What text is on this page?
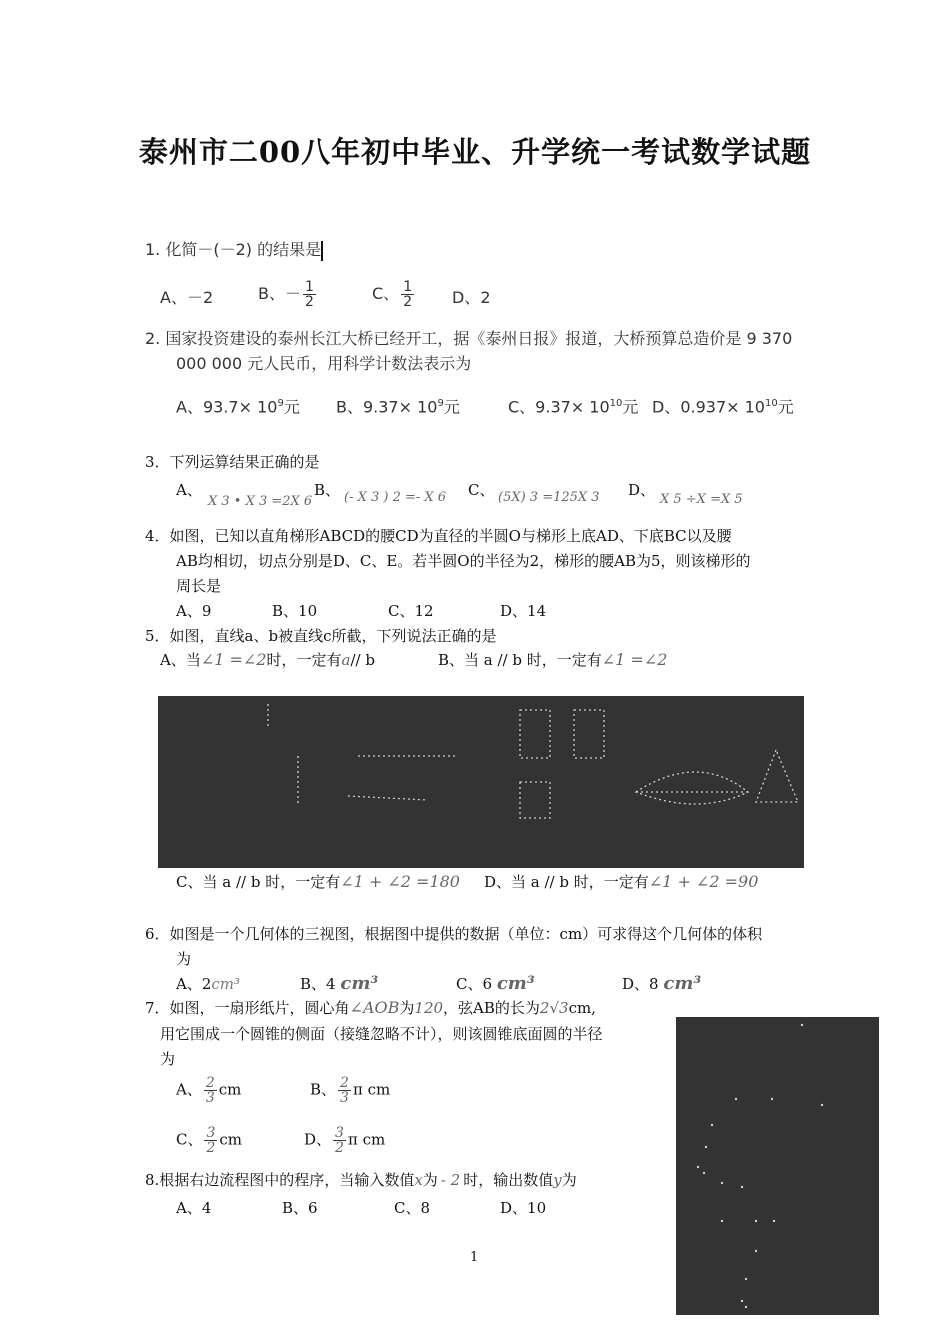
泰州市二00八年初中毕业、升学统一考试数学试题
1. 化简－(－2) 的结果是
A、－2	B、－ $\frac{1}{2}$	C、 $\frac{1}{2}$ D、2
2. 国家投资建设的泰州长江大桥已经开工，据《泰州日报》报道，大桥预算总造价是 9 370
000 000 元人民币，用科学计数法表示为
A、$93.7\times 10^9$元 B、$9.37\times 10^9$元	C、$9.37\times 10^{10}$元 D、$0.937\times 10^{10}$元
3．下列运算结果正确的是
A、
X 3 • X 3 =2X 6
B、 (- X 3 ) 2 =- X 6 C、 (5X) 3 =125X 3 D、
X 5 ÷X =X 5
4．如图，已知以直角梯形ABCD的腰CD为直径的半圆O与梯形上底AD、下底BC以及腰
AB均相切，切点分别是D、C、E。若半圆O的半径为2，梯形的腰AB为5，则该梯形的
周长是
A、9	B、10	C、12	D、14
5．如图，直线a、b被直线c所截，下列说法正确的是
A、当∠1 =∠2时，一定有a// b	B、当 a // b 时，一定有∠1 =∠2
C、当 a // b 时，一定有∠1 + ∠2 =180 D、当 a // b 时，一定有∠1 + ∠2 =90
6．如图是一个几何体的三视图，根据图中提供的数据（单位：cm）可求得这个几何体的体积
为
A、2cm³	B、4 cm³	C、6 cm³	D、8 cm³
7．如图，一扇形纸片，圆心角∠AOB为120，弦AB的长为2√3cm,
用它围成一个圆锥的侧面（接缝忽略不计），则该圆锥底面圆的半径
为
A、 $\frac{2}{3}$ cm	B、 $\frac{2}{3}$ π cm
C、 $\frac{3}{2}$ cm	D、 $\frac{3}{2}$ π cm
8.根据右边流程图中的程序，当输入数值x为 - 2 时，输出数值y为
A、4	B、6	C、8	D、10
1
